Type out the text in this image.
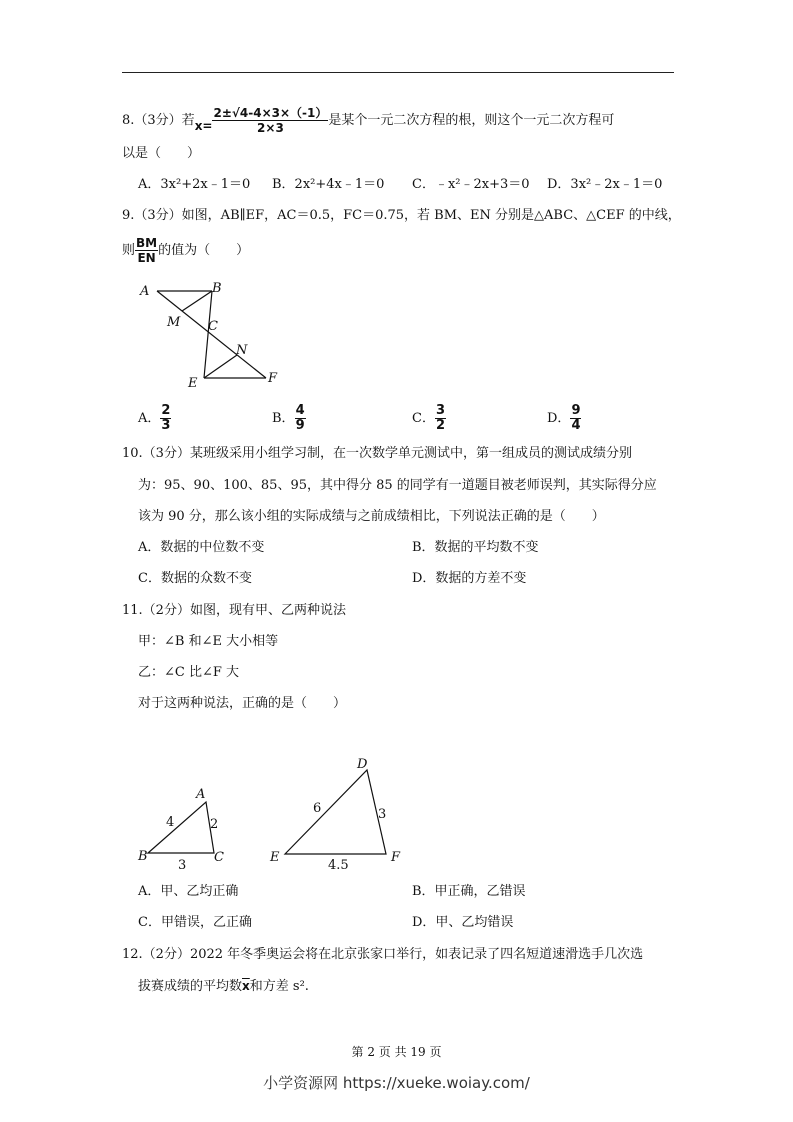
8.（3分）若$x= \frac{2\pm√4-4\times 3\times(-1)}{2\times 3}$ 是某个一元二次方程的根，则这个一元二次方程可
以是（　　）
A．3x²+2x﹣1＝0 B．2x²+4x﹣1＝0 C．﹣x²﹣2x+3＝0 D．3x²﹣2x﹣1＝0
9.（3分）如图，AB∥EF，AC＝0.5，FC＝0.75，若 BM、EN 分别是△ABC、△CEF 的中线，
则 $\frac{BM}{EN}$ 的值为（　　）
A	B
M C
N
E	F
A． $\frac{2}{3}$	B． $\frac{4}{9}$	C． $\frac{3}{2}$	D． $\frac{9}{4}$
10.（3分）某班级采用小组学习制，在一次数学单元测试中，第一组成员的测试成绩分别
为：95、90、100、85、95，其中得分 85 的同学有一道题目被老师误判，其实际得分应
该为 90 分，那么该小组的实际成绩与之前成绩相比，下列说法正确的是（　　）
A．数据的中位数不变	B．数据的平均数不变
C．数据的众数不变	D．数据的方差不变
11.（2分）如图，现有甲、乙两种说法
甲：∠B 和∠E 大小相等
乙：∠C 比∠F 大
对于这两种说法，正确的是（　　）
A
B	C
4	2
3
D
E	F
6	3
4.5
A．甲、乙均正确	B．甲正确，乙错误
C．甲错误，乙正确	D．甲、乙均错误
12.（2分）2022 年冬季奥运会将在北京张家口举行，如表记录了四名短道速滑选手几次选
拔赛成绩的平均数$\overline{x}$和方差 s².
第 2 页 共 19 页
小学资源网 https://xueke.woiay.com/
